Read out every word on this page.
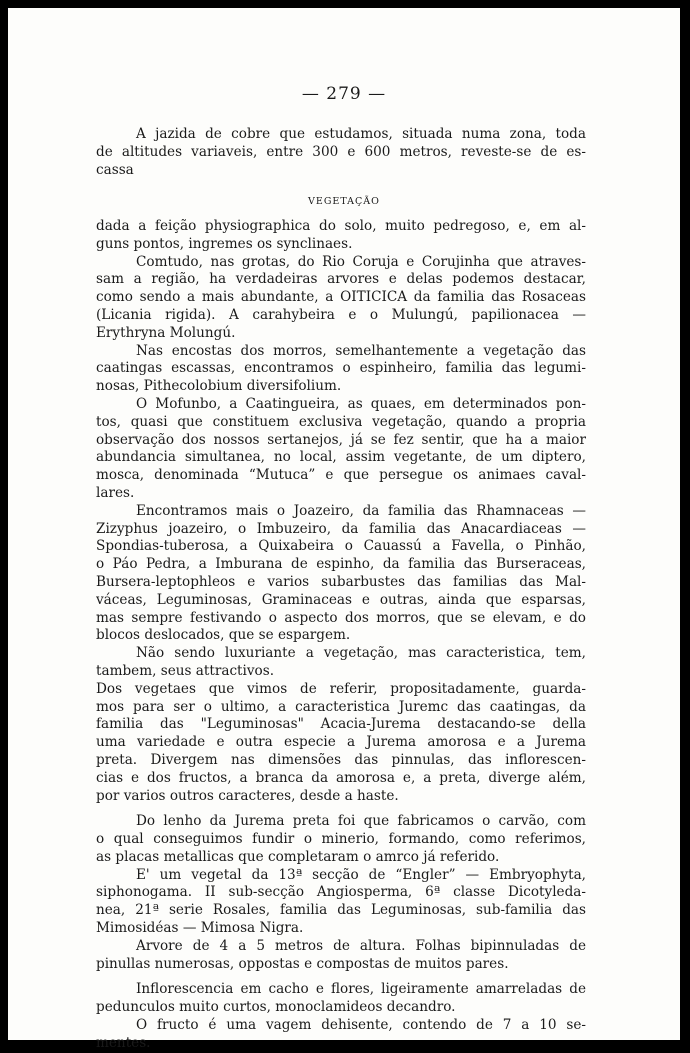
— 279 —
A jazida de cobre que estudamos, situada numa zona, toda
de altitudes variaveis, entre 300 e 600 metros, reveste-se de es-
cassa
VEGETAÇÃO
dada a feição physiographica do solo, muito pedregoso, e, em al-
guns pontos, ingremes os synclinaes.
Comtudo, nas grotas, do Rio Coruja e Corujinha que atraves-
sam a região, ha verdadeiras arvores e delas podemos destacar,
como sendo a mais abundante, a OITICICA da familia das Rosaceas
(Licania rigida). A carahybeira e o Mulungú, papilionacea —
Erythryna Molungú.
Nas encostas dos morros, semelhantemente a vegetação das
caatingas escassas, encontramos o espinheiro, familia das legumi-
nosas, Pithecolobium diversifolium.
O Mofunbo, a Caatingueira, as quaes, em determinados pon-
tos, quasi que constituem exclusiva vegetação, quando a propria
observação dos nossos sertanejos, já se fez sentir, que ha a maior
abundancia simultanea, no local, assim vegetante, de um diptero,
mosca, denominada “Mutuca” e que persegue os animaes caval-
lares.
Encontramos mais o Joazeiro, da familia das Rhamnaceas —
Zizyphus joazeiro, o Imbuzeiro, da familia das Anacardiaceas —
Spondias-tuberosa, a Quixabeira o Cauassú a Favella, o Pinhão,
o Páo Pedra, a Imburana de espinho, da familia das Burseraceas,
Bursera-leptophleos e varios subarbustes das familias das Mal-
váceas, Leguminosas, Graminaceas e outras, ainda que esparsas,
mas sempre festivando o aspecto dos morros, que se elevam, e do
blocos deslocados, que se espargem.
Não sendo luxuriante a vegetação, mas caracteristica, tem,
tambem, seus attractivos.
Dos vegetaes que vimos de referir, propositadamente, guarda-
mos para ser o ultimo, a caracteristica Juremc das caatingas, da
familia das "Leguminosas" Acacia-Jurema destacando-se della
uma variedade e outra especie a Jurema amorosa e a Jurema
preta. Divergem nas dimensões das pinnulas, das inflorescen-
cias e dos fructos, a branca da amorosa e, a preta, diverge além,
por varios outros caracteres, desde a haste.
Do lenho da Jurema preta foi que fabricamos o carvão, com
o qual conseguimos fundir o minerio, formando, como referimos,
as placas metallicas que completaram o amrco já referido.
E' um vegetal da 13ª secção de “Engler” — Embryophyta,
siphonogama. II sub-secção Angiosperma, 6ª classe Dicotyleda-
nea, 21ª serie Rosales, familia das Leguminosas, sub-familia das
Mimosidéas — Mimosa Nigra.
Arvore de 4 a 5 metros de altura. Folhas bipinnuladas de
pinullas numerosas, oppostas e compostas de muitos pares.
Inflorescencia em cacho e flores, ligeiramente amarreladas de
pedunculos muito curtos, monoclamideos decandro.
O fructo é uma vagem dehisente, contendo de 7 a 10 se-
mentes.
